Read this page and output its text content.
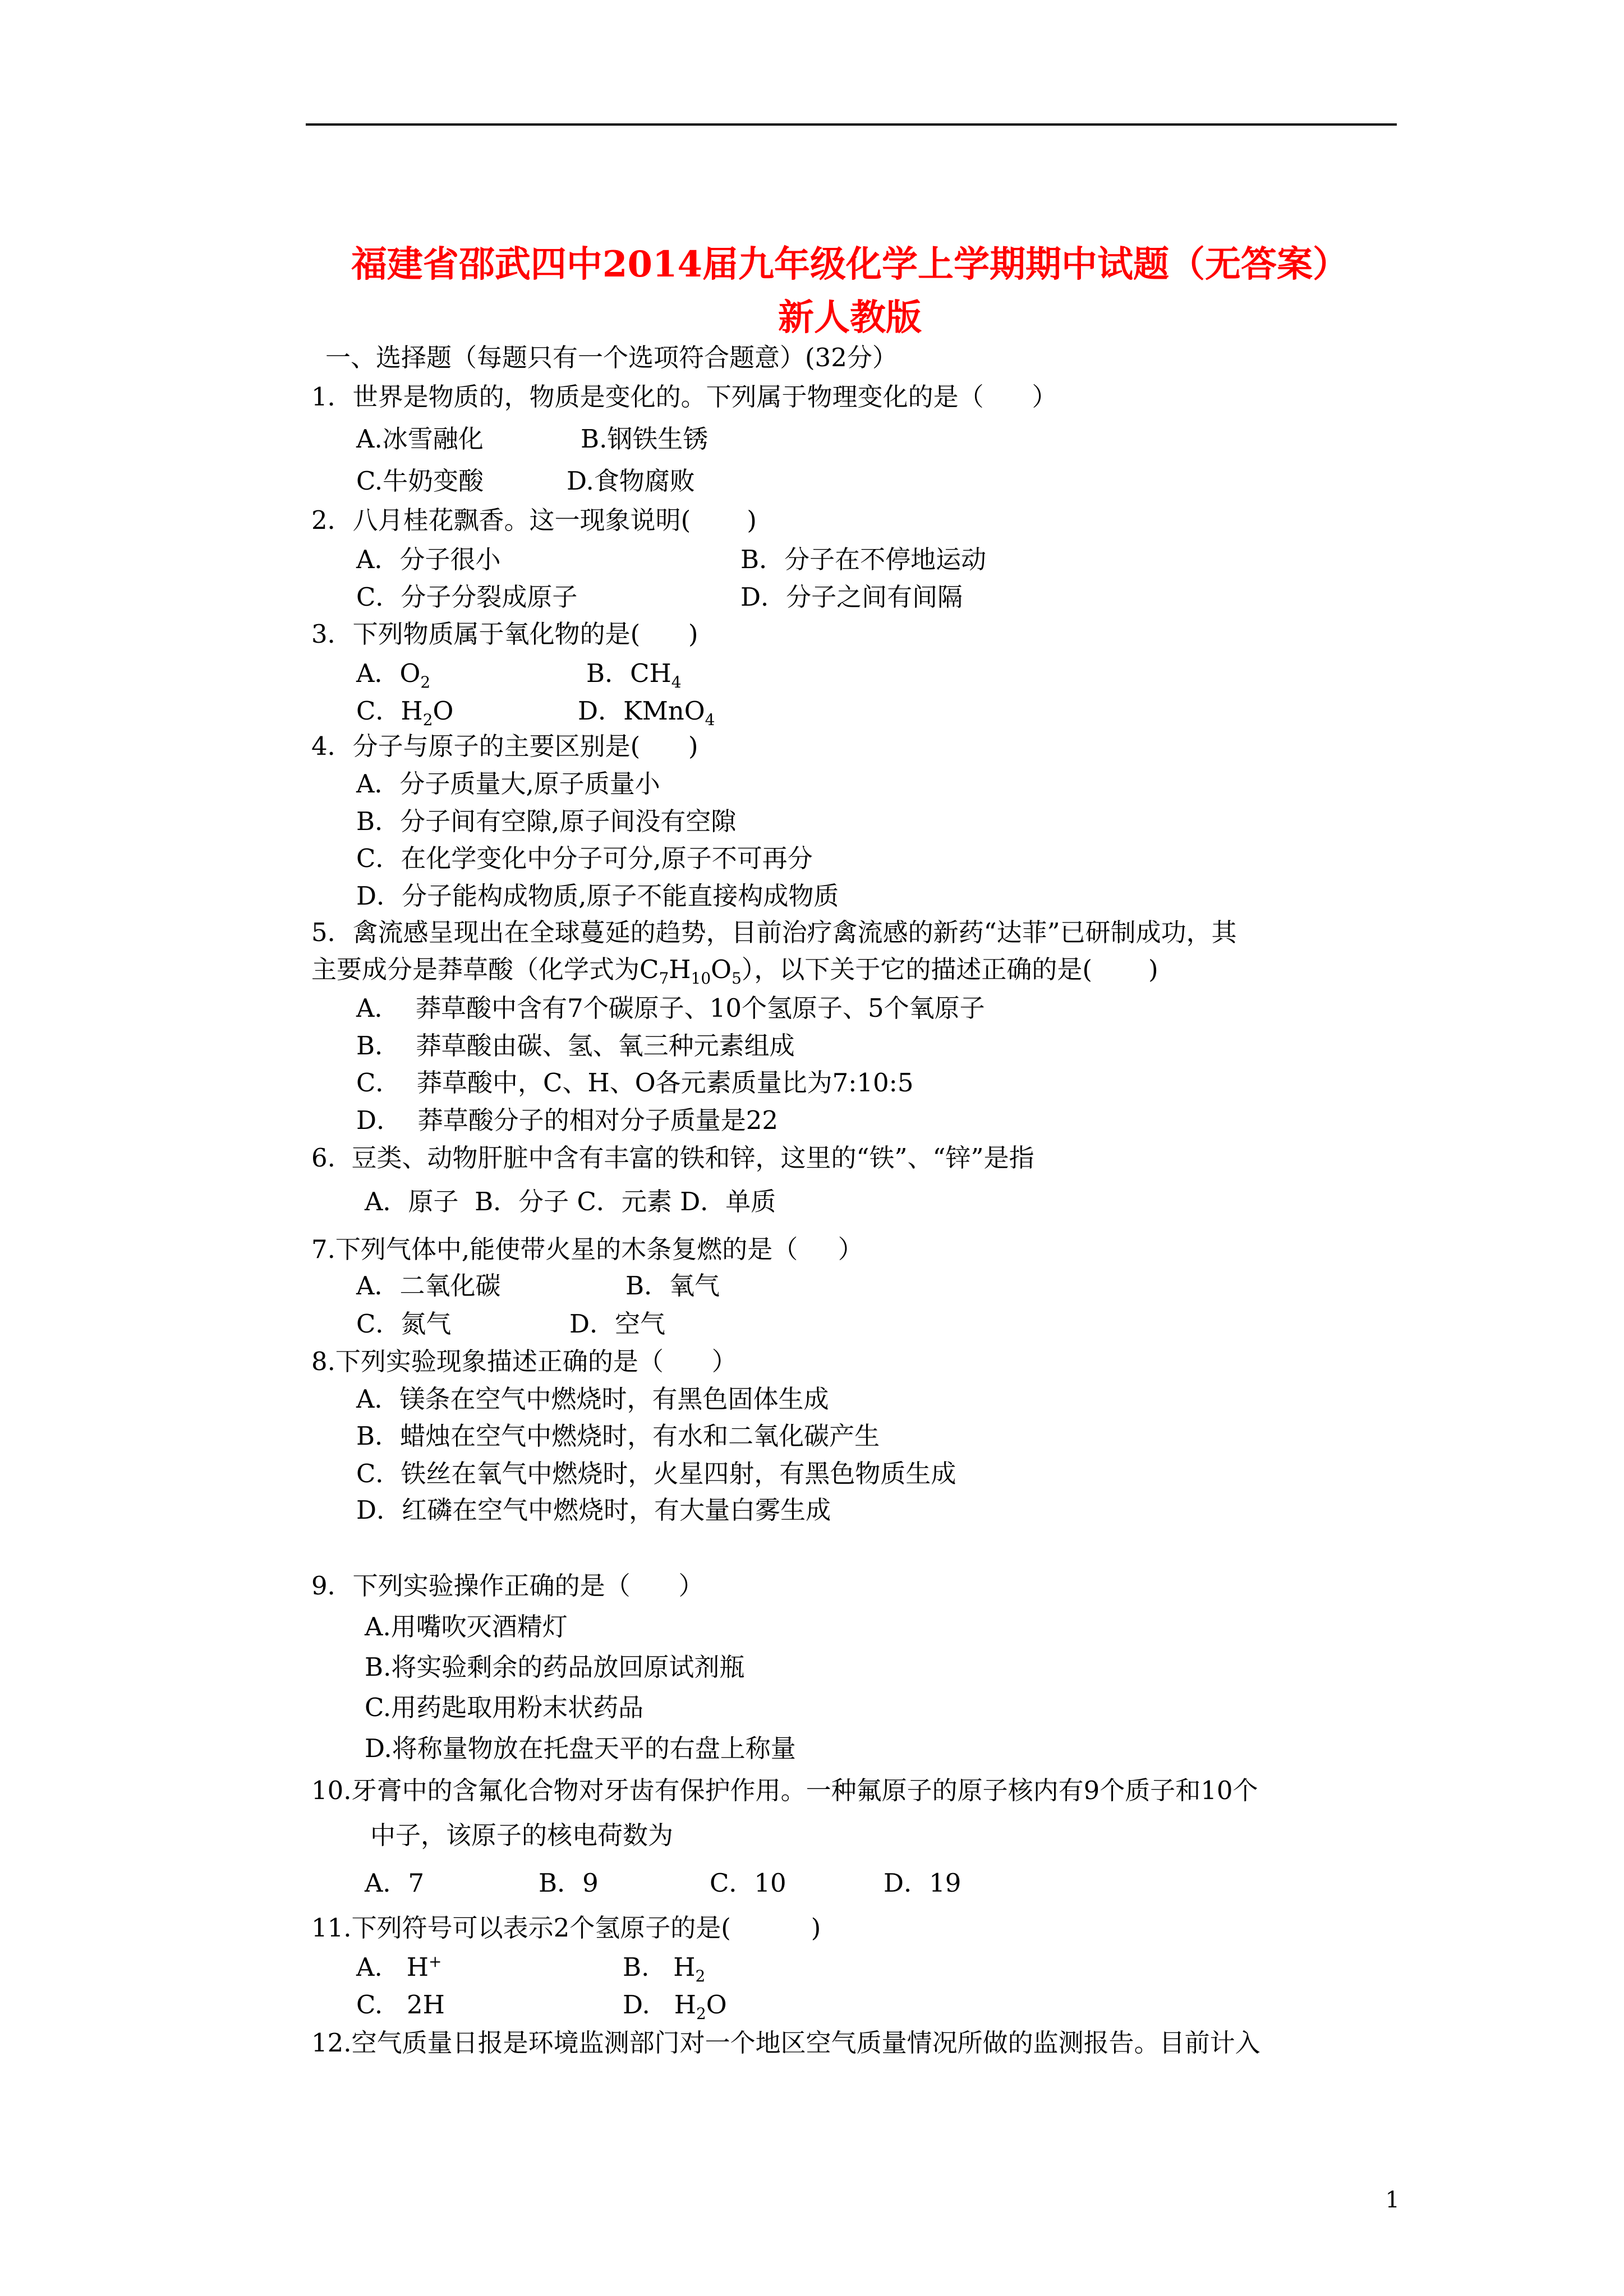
福建省邵武四中2014届九年级化学上学期期中试题（无答案）
新人教版
一、选择题（每题只有一个选项符合题意）(32分）
1．世界是物质的，物质是变化的。下列属于物理变化的是（      ）
A.冰雪融化	B.钢铁生锈
C.牛奶变酸	D.食物腐败
2．八月桂花飘香。这一现象说明(       )
A．分子很小	B．分子在不停地运动
C．分子分裂成原子	D．分子之间有间隔
3．下列物质属于氧化物的是(      )
A．$O_2$	B．$CH_4$
C．$H_2O$	D．KMnO$_4$
4．分子与原子的主要区别是(      )
A．分子质量大,原子质量小
B．分子间有空隙,原子间没有空隙
C．在化学变化中分子可分,原子不可再分
D．分子能构成物质,原子不能直接构成物质
5．禽流感呈现出在全球蔓延的趋势，目前治疗禽流感的新药“达菲”已研制成功，其
主要成分是莽草酸（化学式为$C_7H_{10}O_5$），以下关于它的描述正确的是(       )
A．  莽草酸中含有7个碳原子、10个氢原子、5个氧原子
B．  莽草酸由碳、氢、氧三种元素组成
C．  莽草酸中，C、H、O各元素质量比为7:10:5
D．  莽草酸分子的相对分子质量是22
6.  豆类、动物肝脏中含有丰富的铁和锌，这里的“铁”、“锌”是指
A．原子  B．分子 C．元素 D．单质
7.下列气体中,能使带火星的木条复燃的是（     ）
A．二氧化碳	B．氧气
C．氮气	D．空气
8.下列实验现象描述正确的是（      ）
A．镁条在空气中燃烧时，有黑色固体生成
B．蜡烛在空气中燃烧时，有水和二氧化碳产生
C．铁丝在氧气中燃烧时，火星四射，有黑色物质生成
D．红磷在空气中燃烧时，有大量白雾生成
9．下列实验操作正确的是（      ）
A.用嘴吹灭酒精灯
B.将实验剩余的药品放回原试剂瓶
C.用药匙取用粉末状药品
D.将称量物放在托盘天平的右盘上称量
10.牙膏中的含氟化合物对牙齿有保护作用。一种氟原子的原子核内有9个质子和10个
中子，该原子的核电荷数为
A．7	B．9	C．10	D．19
11.下列符号可以表示2个氢原子的是(          )
A.   H+	B.   $H_2$
C.   2H	D.   $H_2O$
12.空气质量日报是环境监测部门对一个地区空气质量情况所做的监测报告。目前计入
1
